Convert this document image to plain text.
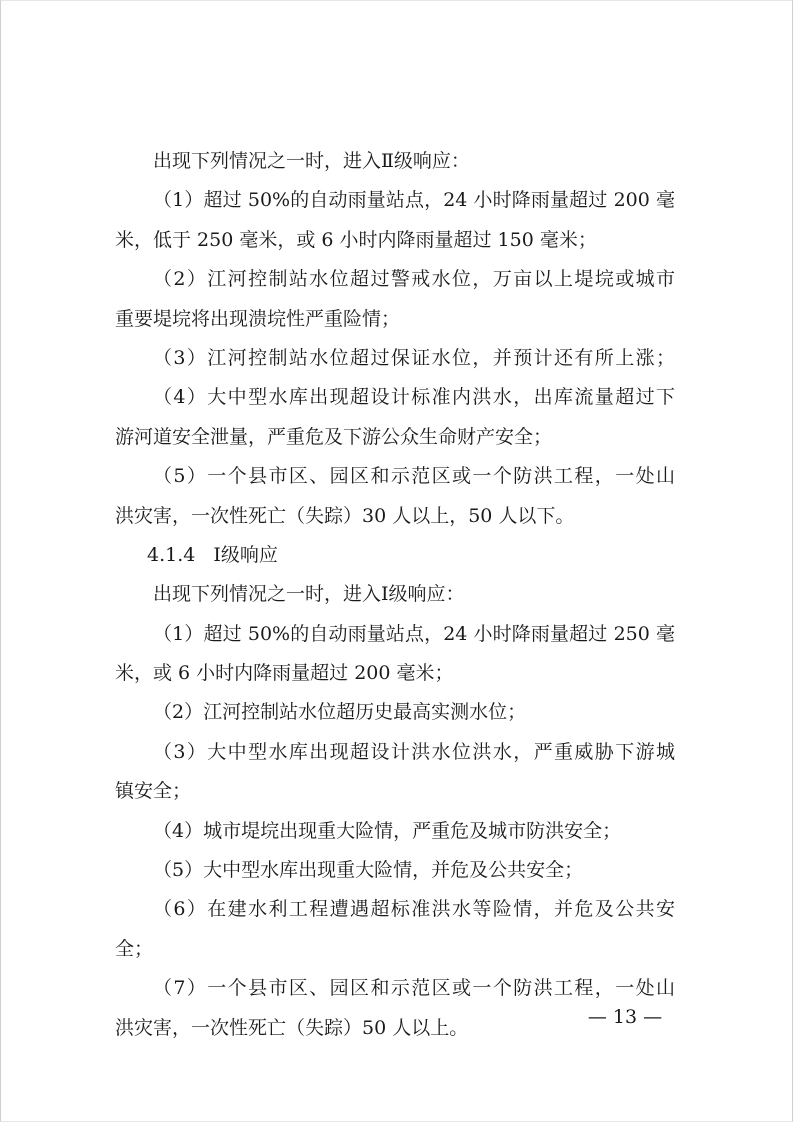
出现下列情况之一时，进入Ⅱ级响应：
（1）超过 50%的自动雨量站点，24 小时降雨量超过 200 毫
米，低于 250 毫米，或 6 小时内降雨量超过 150 毫米；
（2）江河控制站水位超过警戒水位，万亩以上堤垸或城市
重要堤垸将出现溃垸性严重险情；
（3）江河控制站水位超过保证水位，并预计还有所上涨；
（4）大中型水库出现超设计标准内洪水，出库流量超过下
游河道安全泄量，严重危及下游公众生命财产安全；
（5）一个县市区、园区和示范区或一个防洪工程，一处山
洪灾害，一次性死亡（失踪）30 人以上，50 人以下。
4.1.4 Ⅰ级响应
出现下列情况之一时，进入Ⅰ级响应：
（1）超过 50%的自动雨量站点，24 小时降雨量超过 250 毫
米，或 6 小时内降雨量超过 200 毫米；
（2）江河控制站水位超历史最高实测水位；
（3）大中型水库出现超设计洪水位洪水，严重威胁下游城
镇安全；
（4）城市堤垸出现重大险情，严重危及城市防洪安全；
（5）大中型水库出现重大险情，并危及公共安全；
（6）在建水利工程遭遇超标准洪水等险情，并危及公共安
全；
（7）一个县市区、园区和示范区或一个防洪工程，一处山
洪灾害，一次性死亡（失踪）50 人以上。	— 13 —
